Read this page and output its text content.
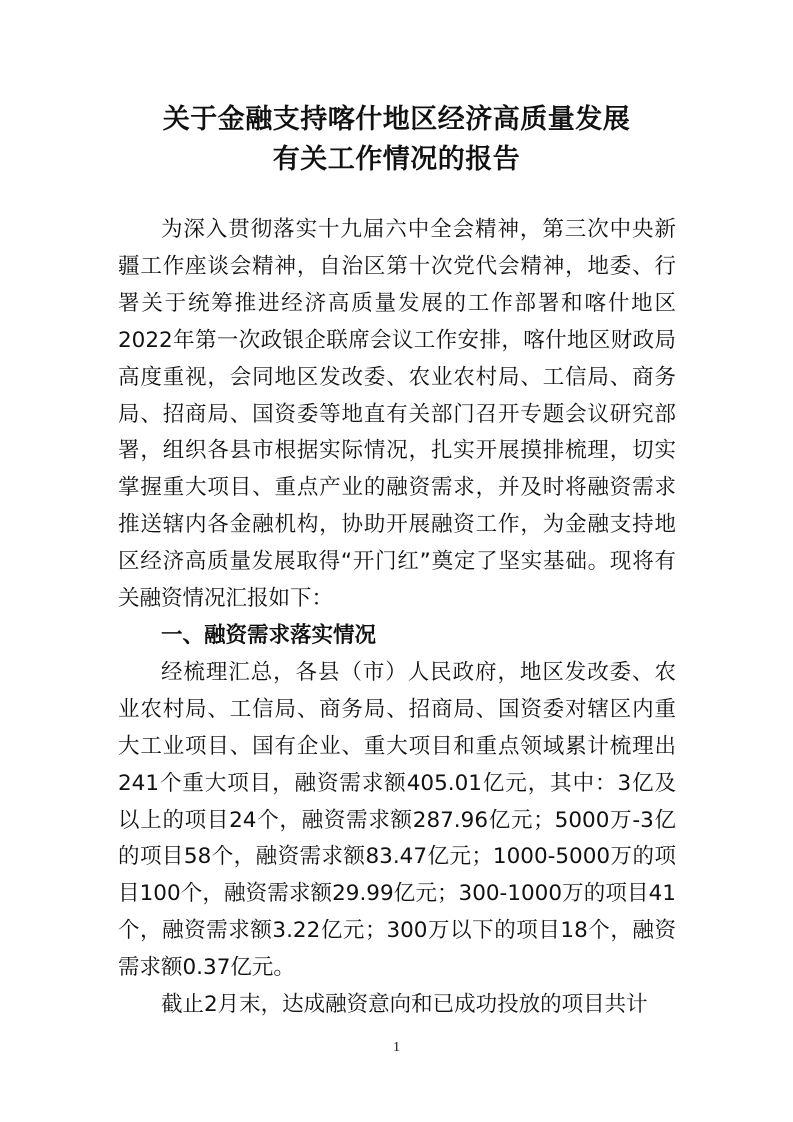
关于金融支持喀什地区经济高质量发展
有关工作情况的报告

为深入贯彻落实十九届六中全会精神，第三次中央新疆工作座谈会精神，自治区第十次党代会精神，地委、行署关于统筹推进经济高质量发展的工作部署和喀什地区2022年第一次政银企联席会议工作安排，喀什地区财政局高度重视，会同地区发改委、农业农村局、工信局、商务局、招商局、国资委等地直有关部门召开专题会议研究部署，组织各县市根据实际情况，扎实开展摸排梳理，切实掌握重大项目、重点产业的融资需求，并及时将融资需求推送辖内各金融机构，协助开展融资工作，为金融支持地区经济高质量发展取得“开门红”奠定了坚实基础。现将有关融资情况汇报如下：

一、融资需求落实情况

经梳理汇总，各县（市）人民政府，地区发改委、农业农村局、工信局、商务局、招商局、国资委对辖区内重大工业项目、国有企业、重大项目和重点领域累计梳理出241个重大项目，融资需求额405.01亿元，其中：3亿及以上的项目24个，融资需求额287.96亿元；5000万-3亿的项目58个，融资需求额83.47亿元；1000-5000万的项目100个，融资需求额29.99亿元；300-1000万的项目41个，融资需求额3.22亿元；300万以下的项目18个，融资需求额0.37亿元。

截止2月末，达成融资意向和已成功投放的项目共计

1
